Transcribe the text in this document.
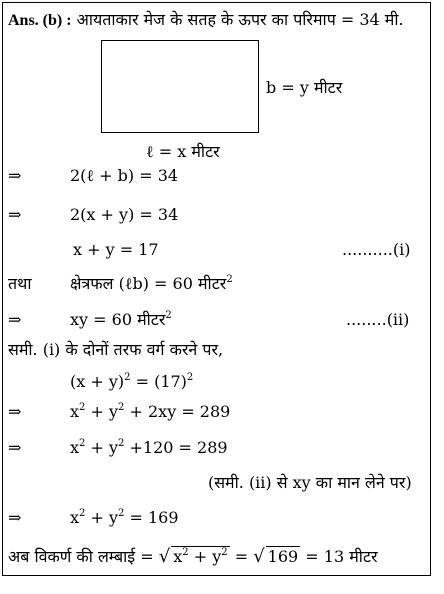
Ans. (b) : आयताकार मेज के सतह के ऊपर का परिमाप = 34 मी.
b = y मीटर
ℓ = x मीटर
⇒	2(ℓ + b) = 34
⇒	2(x + y) = 34
x + y = 17	..........(i)
तथा क्षेत्रफल (ℓb) = 60 मीटर$^2$
⇒	xy = 60 मीटर$^2$	........(ii)
समी. (i) के दोनों तरफ वर्ग करने पर,
$(x + y)^2 = (17)^2$
⇒	$x^2 + y^2 + 2xy = 289$
⇒	$x^2 + y^2 +120 = 289$
(समी. (ii) से xy का मान लेने पर)
⇒	$x^2 + y^2 = 169$
अब विकर्ण की लम्बाई = √ $x^2 + y^2$ = √ 169 = 13 मीटर
